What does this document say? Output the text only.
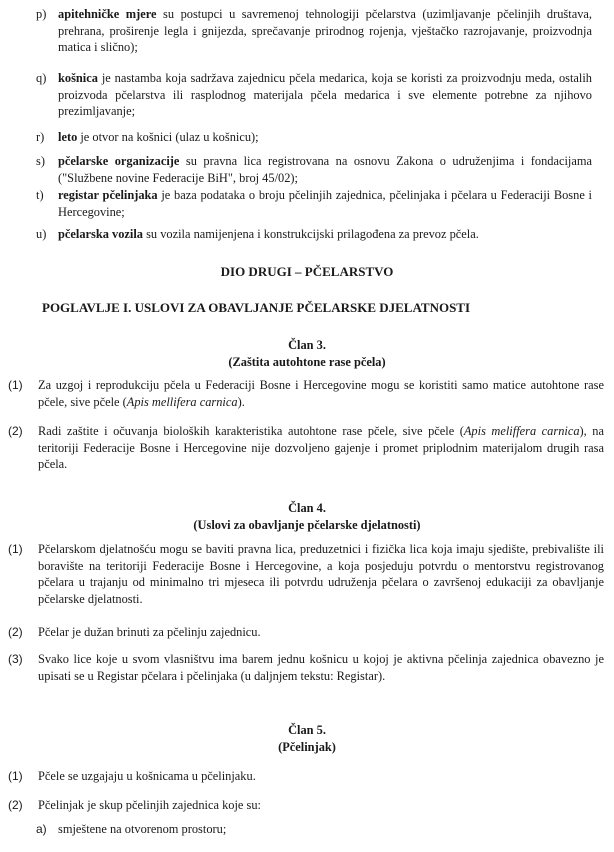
p) apitehničke mjere su postupci u savremenoj tehnologiji pčelarstva (uzimljavanje pčelinjih društava, prehrana, proširenje legla i gnijezda, sprečavanje prirodnog rojenja, vještačko razrojavanje, proizvodnja matica i slično);
q) košnica je nastamba koja sadržava zajednicu pčela medarica, koja se koristi za proizvodnju meda, ostalih proizvoda pčelarstva ili rasplodnog materijala pčela medarica i sve elemente potrebne za njihovo prezimljavanje;
r)	leto je otvor na košnici (ulaz u košnicu);
s)	pčelarske organizacije su pravna lica registrovana na osnovu Zakona o udruženjima i fondacijama ("Službene novine Federacije BiH", broj 45/02);
t)	registar pčelinjaka je baza podataka o broju pčelinjih zajednica, pčelinjaka i pčelara u Federaciji Bosne i Hercegovine;
u) pčelarska vozila su vozila namijenjena i konstrukcijski prilagođena za prevoz pčela.
DIO DRUGI – PČELARSTVO
POGLAVLJE I. USLOVI ZA OBAVLJANJE PČELARSKE DJELATNOSTI
Član 3.
(Zaštita autohtone rase pčela)
(1)	Za uzgoj i reprodukciju pčela u Federaciji Bosne i Hercegovine mogu se koristiti samo matice autohtone rase pčele, sive pčele (Apis mellifera carnica).
(2)	Radi zaštite i očuvanja bioloških karakteristika autohtone rase pčele, sive pčele (Apis meliffera carnica), na teritoriji Federacije Bosne i Hercegovine nije dozvoljeno gajenje i promet priplodnim materijalom drugih rasa pčela.
Član 4.
(Uslovi za obavljanje pčelarske djelatnosti)
(1)	Pčelarskom djelatnošću mogu se baviti pravna lica, preduzetnici i fizička lica koja imaju sjedište, prebivalište ili boravište na teritoriji Federacije Bosne i Hercegovine, a koja posjeduju potvrdu o mentorstvu registrovanog pčelara u trajanju od minimalno tri mjeseca ili potvrdu udruženja pčelara o završenoj edukaciji za obavljanje pčelarske djelatnosti.
(2)	Pčelar je dužan brinuti za pčelinju zajednicu.
(3)	Svako lice koje u svom vlasništvu ima barem jednu košnicu u kojoj je aktivna pčelinja zajednica obavezno je upisati se u Registar pčelara i pčelinjaka (u daljnjem tekstu: Registar).
Član 5.
(Pčelinjak)
(1)	Pčele se uzgajaju u košnicama u pčelinjaku.
(2)	Pčelinjak je skup pčelinjih zajednica koje su:
a) smještene na otvorenom prostoru;
